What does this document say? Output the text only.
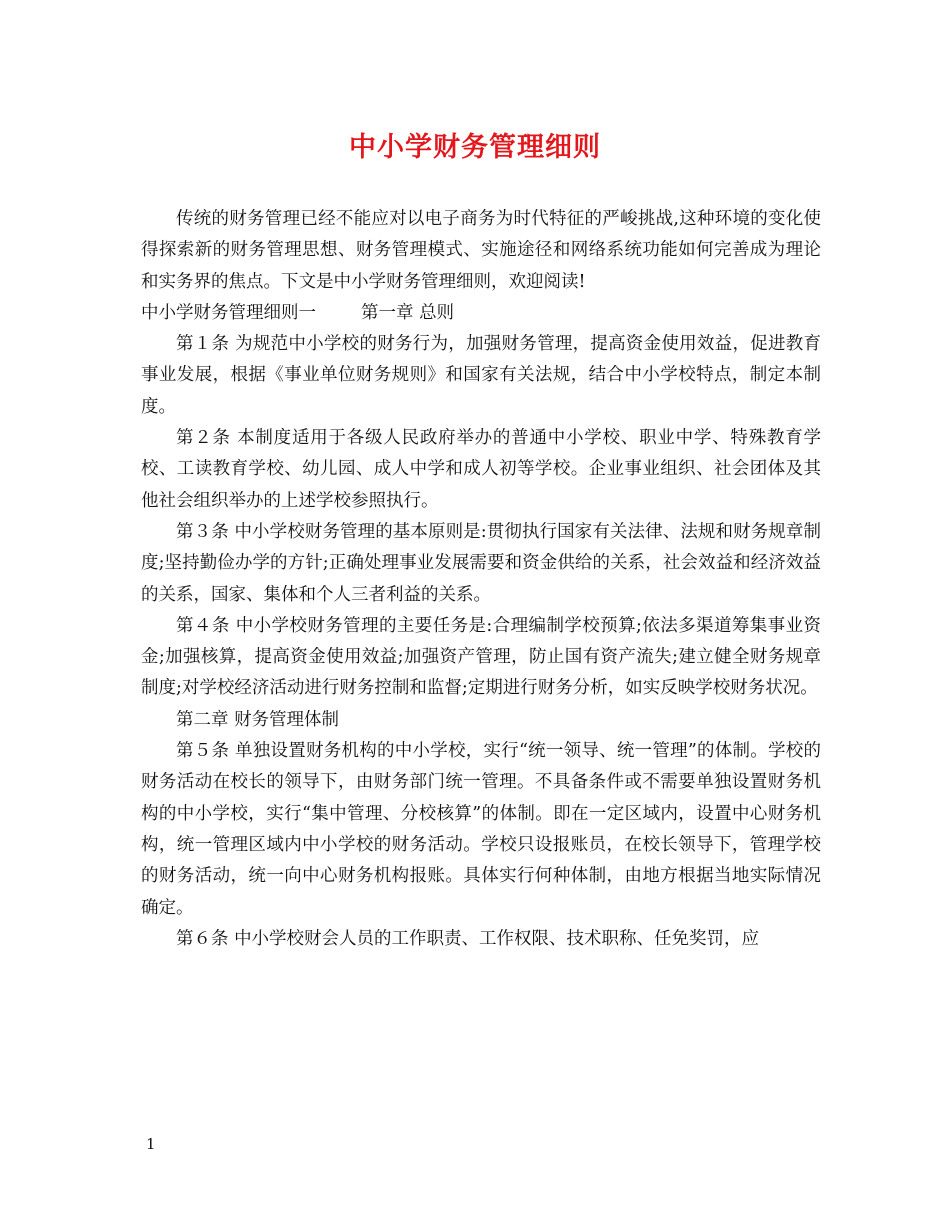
中小学财务管理细则

传统的财务管理已经不能应对以电子商务为时代特征的严峻挑战,这种环境的变化使得探索新的财务管理思想、财务管理模式、实施途径和网络系统功能如何完善成为理论和实务界的焦点。下文是中小学财务管理细则，欢迎阅读!

中小学财务管理细则一	第一章 总则

第１条 为规范中小学校的财务行为，加强财务管理，提高资金使用效益，促进教育事业发展，根据《事业单位财务规则》和国家有关法规，结合中小学校特点，制定本制度。

第２条 本制度适用于各级人民政府举办的普通中小学校、职业中学、特殊教育学校、工读教育学校、幼儿园、成人中学和成人初等学校。企业事业组织、社会团体及其他社会组织举办的上述学校参照执行。

第３条 中小学校财务管理的基本原则是:贯彻执行国家有关法律、法规和财务规章制度;坚持勤俭办学的方针;正确处理事业发展需要和资金供给的关系，社会效益和经济效益的关系，国家、集体和个人三者利益的关系。

第４条 中小学校财务管理的主要任务是:合理编制学校预算;依法多渠道筹集事业资金;加强核算，提高资金使用效益;加强资产管理，防止国有资产流失;建立健全财务规章制度;对学校经济活动进行财务控制和监督;定期进行财务分析，如实反映学校财务状况。

第二章 财务管理体制

第５条 单独设置财务机构的中小学校，实行“统一领导、统一管理”的体制。学校的财务活动在校长的领导下，由财务部门统一管理。不具备条件或不需要单独设置财务机构的中小学校，实行“集中管理、分校核算”的体制。即在一定区域内，设置中心财务机构，统一管理区域内中小学校的财务活动。学校只设报账员，在校长领导下，管理学校的财务活动，统一向中心财务机构报账。具体实行何种体制，由地方根据当地实际情况确定。

第６条 中小学校财会人员的工作职责、工作权限、技术职称、任免奖罚，应

1
